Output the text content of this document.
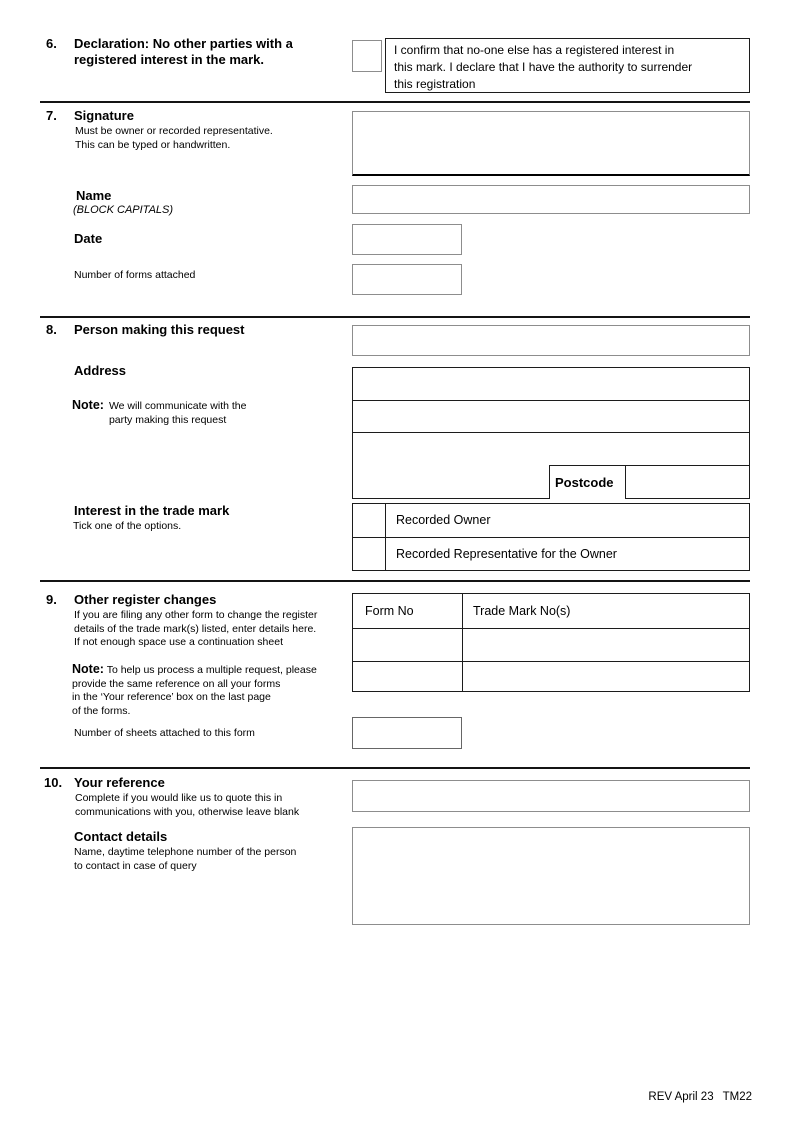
6. Declaration: No other parties with a
registered interest in the mark.
I confirm that no-one else has a registered interest in
this mark. I declare that I have the authority to surrender
this registration
7. Signature
Must be owner or recorded representative.
This can be typed or handwritten.
Name
(BLOCK CAPITALS)
Date
Number of forms attached
8. Person making this request
Address
Postcode
Note: We will communicate with the
party making this request
Interest in the trade mark
Tick one of the options.	Recorded Owner
Recorded Representative for the Owner
9. Other register changes
If you are filing any other form to change the register
details of the trade mark(s) listed, enter details here.
If not enough space use a continuation sheet
Note: To help us process a multiple request, please
provide the same reference on all your forms
in the ‘Your reference’ box on the last page
of the forms.
Number of sheets attached to this form
Form No	Trade Mark No(s)
10. Your reference
Complete if you would like us to quote this in
communications with you, otherwise leave blank
Contact details
Name, daytime telephone number of the person
to contact in case of query
REV April 23 TM22
